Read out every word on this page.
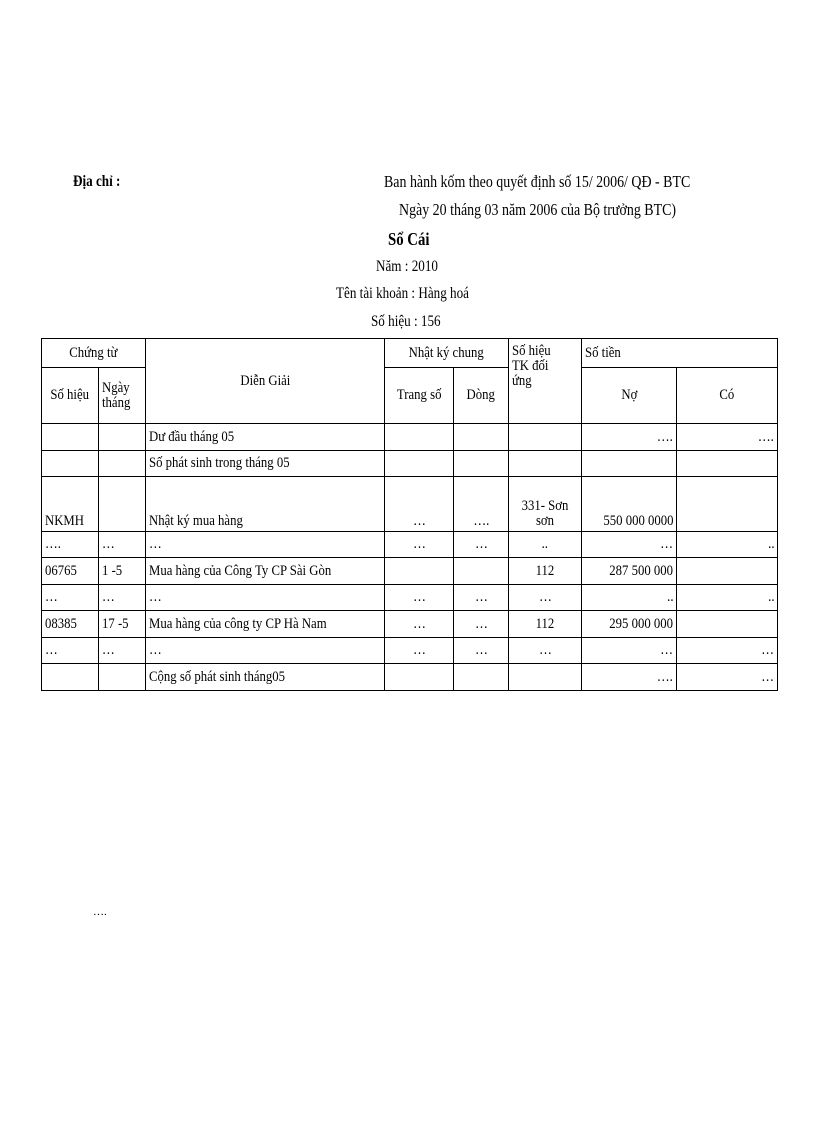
Địa chỉ :	Ban hành kốm theo quyết định số 15/ 2006/ QĐ - BTC
Ngày 20 tháng 03 năm 2006 của Bộ trưởng BTC)
Sổ Cái
Năm : 2010
Tên tài khoản : Hàng hoá
Số hiệu : 156
Chứng từ		Diễn Giải	Nhật ký chung		Số hiệu TK đối ứng	Số tiền	
Số hiệu	Ngày tháng		Trang số	Dòng		Nợ	Có
		Dư đầu tháng 05				….	….
		Số phát sinh trong tháng 05					
NKMH		Nhật ký mua hàng	…	….	331- Sơn sơn	550 000 0000	
….	…	…	…	…	..	…	..
06765	1 -5	Mua hàng của Công Ty CP Sài Gòn			112	287 500 000	
…	…	…	…	…	…	..	..
08385	17 -5	Mua hàng của công ty CP Hà Nam	…	…	112	295 000 000	
…	…	…	…	…	…	…	…
		Cộng số phát sinh tháng05				….	…
….
